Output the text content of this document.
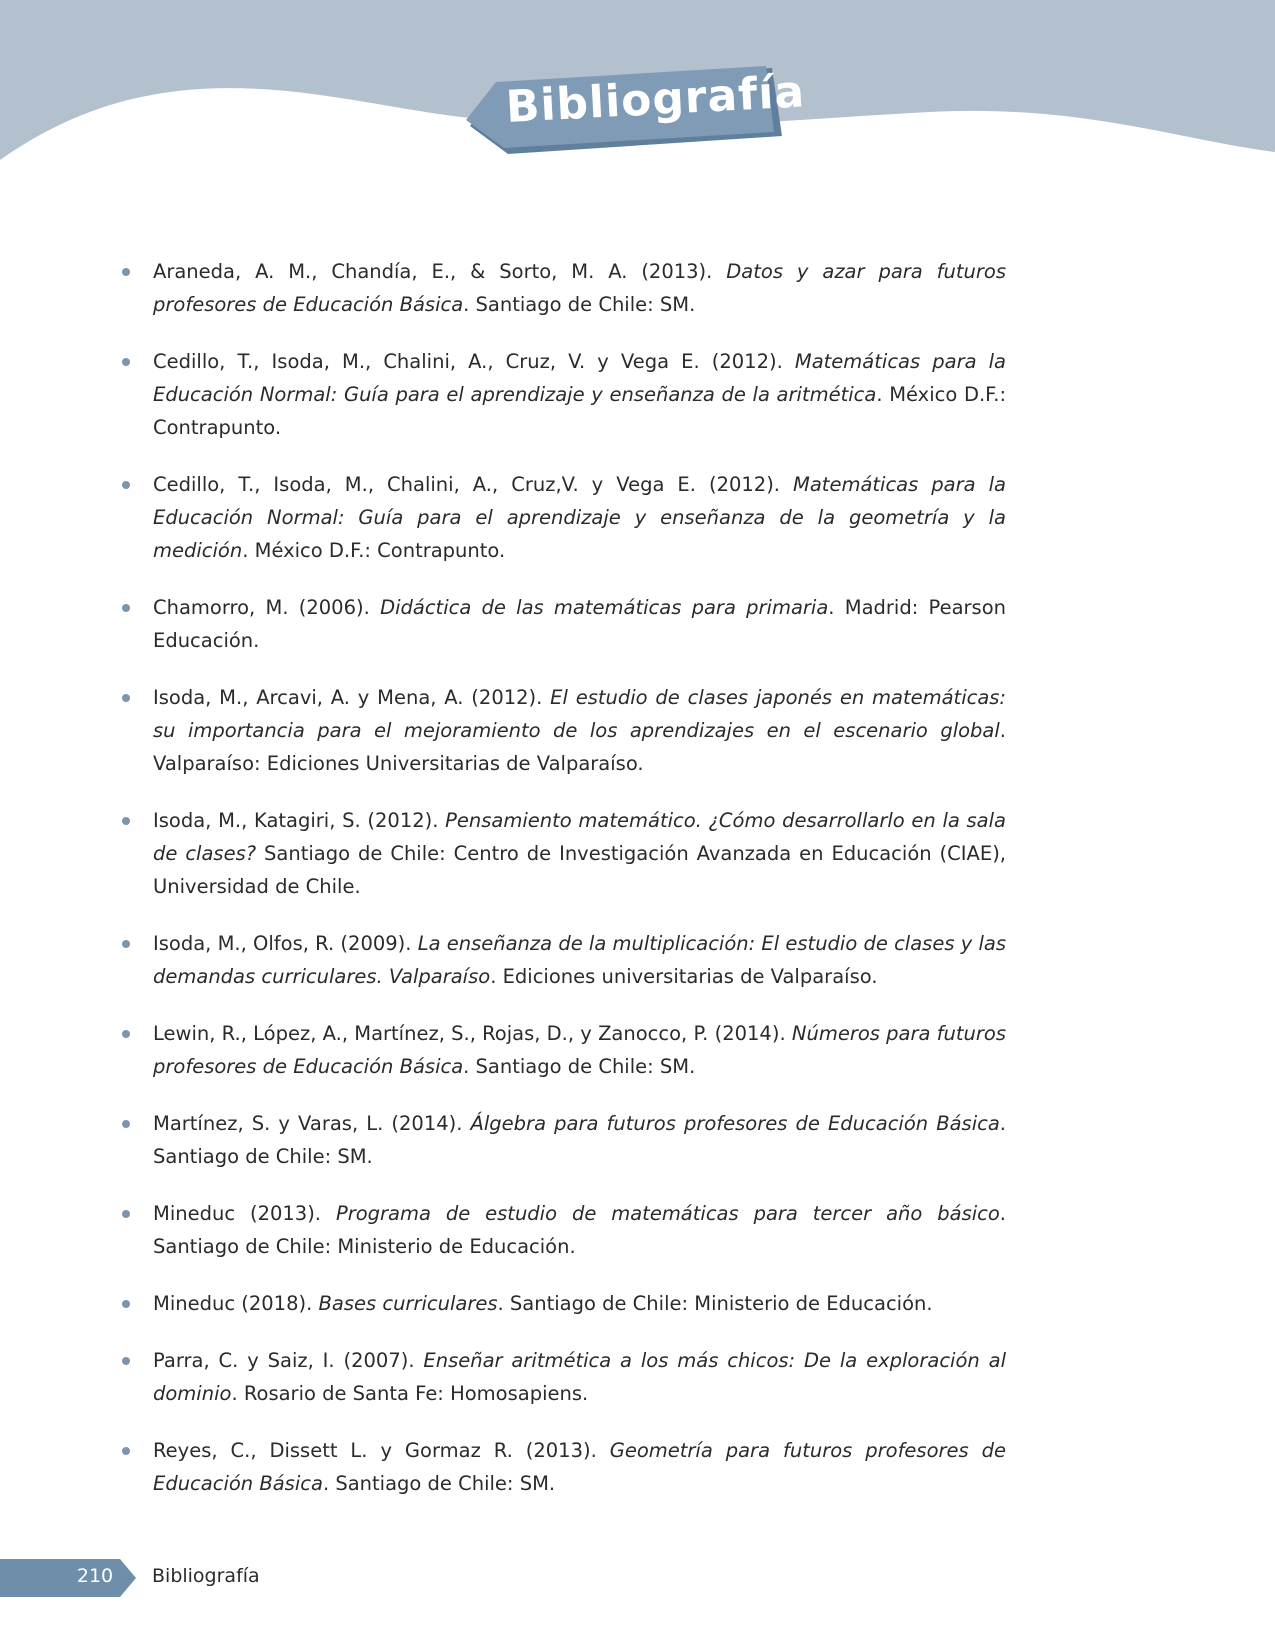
Bibliografía
Araneda, A. M., Chandía, E., & Sorto, M. A. (2013). Datos y azar para futuros profesores de Educación Básica. Santiago de Chile: SM.
Cedillo, T., Isoda, M., Chalini, A., Cruz, V. y Vega E. (2012). Matemáticas para la Educación Normal: Guía para el aprendizaje y enseñanza de la aritmética. México D.F.: Contrapunto.
Cedillo, T., Isoda, M., Chalini, A., Cruz,V. y Vega E. (2012). Matemáticas para la Educación Normal: Guía para el aprendizaje y enseñanza de la geometría y la medición. México D.F.: Contrapunto.
Chamorro, M. (2006). Didáctica de las matemáticas para primaria. Madrid: Pearson Educación.
Isoda, M., Arcavi, A. y Mena, A. (2012). El estudio de clases japonés en matemáticas: su importancia para el mejoramiento de los aprendizajes en el escenario global. Valparaíso: Ediciones Universitarias de Valparaíso.
Isoda, M., Katagiri, S. (2012). Pensamiento matemático. ¿Cómo desarrollarlo en la sala de clases? Santiago de Chile: Centro de Investigación Avanzada en Educación (CIAE), Universidad de Chile.
Isoda, M., Olfos, R. (2009). La enseñanza de la multiplicación: El estudio de clases y las demandas curriculares. Valparaíso. Ediciones universitarias de Valparaíso.
Lewin, R., López, A., Martínez, S., Rojas, D., y Zanocco, P. (2014). Números para futuros profesores de Educación Básica. Santiago de Chile: SM.
Martínez, S. y Varas, L. (2014). Álgebra para futuros profesores de Educación Básica. Santiago de Chile: SM.
Mineduc (2013). Programa de estudio de matemáticas para tercer año básico. Santiago de Chile: Ministerio de Educación.
Mineduc (2018). Bases curriculares. Santiago de Chile: Ministerio de Educación.
Parra, C. y Saiz, I. (2007). Enseñar aritmética a los más chicos: De la exploración al dominio. Rosario de Santa Fe: Homosapiens.
Reyes, C., Dissett L. y Gormaz R. (2013). Geometría para futuros profesores de Educación Básica. Santiago de Chile: SM.
210	Bibliografía
